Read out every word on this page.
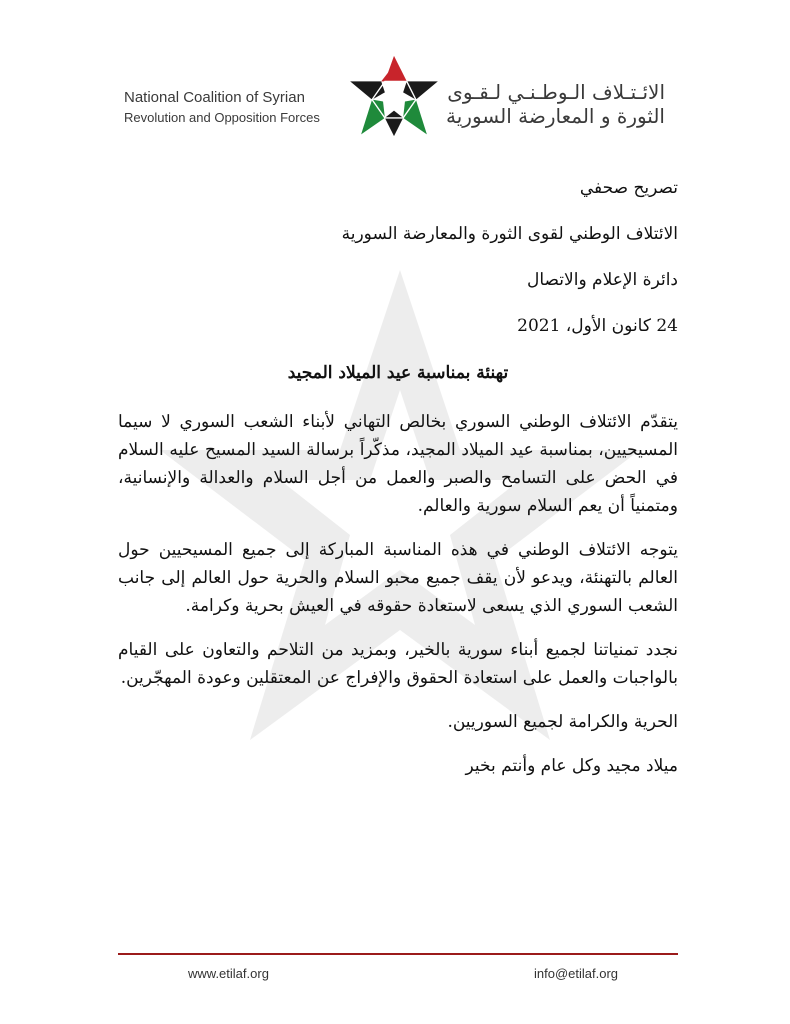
National Coalition of Syrian
Revolution and Opposition Forces
الائـتـلاف الـوطـنـي لـقـوى
الثورة و المعارضة السورية

تصريح صحفي

الائتلاف الوطني لقوى الثورة والمعارضة السورية

دائرة الإعلام والاتصال

24 كانون الأول، 2021

تهنئة بمناسبة عيد الميلاد المجيد

يتقدّم الائتلاف الوطني السوري بخالص التهاني لأبناء الشعب السوري لا سيما المسيحيين، بمناسبة عيد الميلاد المجيد، مذكّراً برسالة السيد المسيح عليه السلام في الحض على التسامح والصبر والعمل من أجل السلام والعدالة والإنسانية، ومتمنياً أن يعم السلام سورية والعالم.

يتوجه الائتلاف الوطني في هذه المناسبة المباركة إلى جميع المسيحيين حول العالم بالتهنئة، ويدعو لأن يقف جميع محبو السلام والحرية حول العالم إلى جانب الشعب السوري الذي يسعى لاستعادة حقوقه في العيش بحرية وكرامة.

نجدد تمنياتنا لجميع أبناء سورية بالخير، وبمزيد من التلاحم والتعاون على القيام بالواجبات والعمل على استعادة الحقوق والإفراج عن المعتقلين وعودة المهجّرين.

الحرية والكرامة لجميع السوريين.

ميلاد مجيد وكل عام وأنتم بخير

www.etilaf.org	info@etilaf.org
